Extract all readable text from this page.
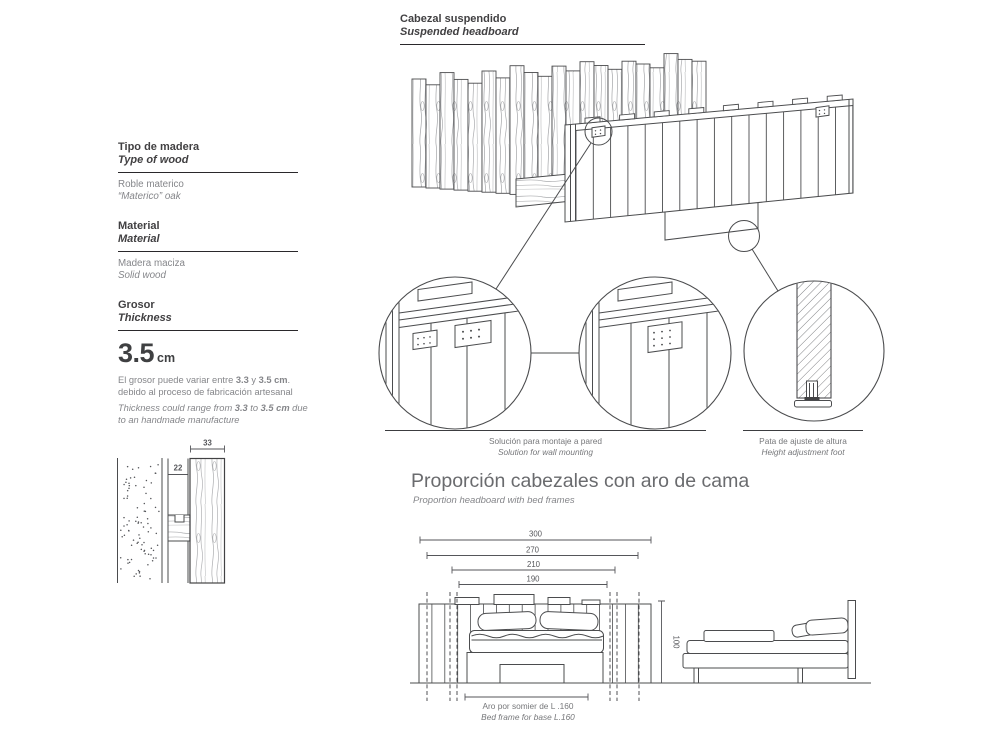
Cabezal suspendido
Suspended headboard
Tipo de madera
Type of wood
Roble materico
“Materico” oak
Material
Material
Madera maciza
Solid wood
Grosor
Thickness
3.5 cm
El grosor puede variar entre 3.3 y 3.5 cm. debido al proceso de fabricación artesanal
Thickness could range from 3.3 to 3.5 cm due to an handmade manufacture
Solución para montaje a pared
Solution for wall mounting
Pata de ajuste de altura
Height adjustment foot
33
22
Proporción cabezales con aro de cama
Proportion headboard with bed frames
300
270
210
190
100
Aro por somier de L .160
Bed frame for base L.160
